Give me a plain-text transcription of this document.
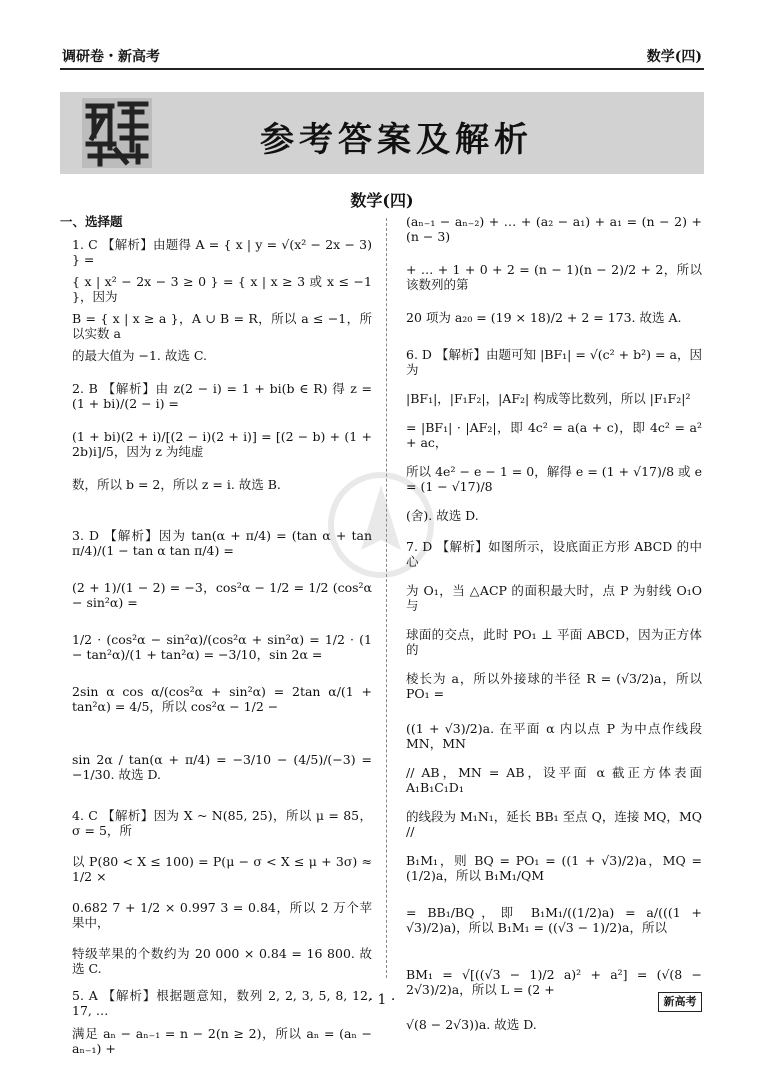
调研卷・新高考	数学(四)
参考答案及解析
数学(四)
一、选择题
1. C 【解析】由题得 A = { x | y = √(x² − 2x − 3) } =
{ x | x² − 2x − 3 ≥ 0 } = { x | x ≥ 3 或 x ≤ −1 }，因为
B = { x | x ≥ a }，A ∪ B = R，所以 a ≤ −1，所以实数 a
的最大值为 −1. 故选 C.
2. B 【解析】由 z(2 − i) = 1 + bi(b ∈ R) 得 z = (1 + bi)/(2 − i) =
(1 + bi)(2 + i)/[(2 − i)(2 + i)] = [(2 − b) + (1 + 2b)i]/5，因为 z 为纯虚
数，所以 b = 2，所以 z = i. 故选 B.
3. D 【解析】因为 tan(α + π/4) = (tan α + tan π/4)/(1 − tan α tan π/4) =
(2 + 1)/(1 − 2) = −3，cos²α − 1/2 = 1/2 (cos²α − sin²α) =
1/2 · (cos²α − sin²α)/(cos²α + sin²α) = 1/2 · (1 − tan²α)/(1 + tan²α) = −3/10，sin 2α =
2sin α cos α/(cos²α + sin²α) = 2tan α/(1 + tan²α) = 4/5，所以 cos²α − 1/2 −
sin 2α / tan(α + π/4) = −3/10 − (4/5)/(−3) = −1/30. 故选 D.
4. C 【解析】因为 X ~ N(85, 25)，所以 μ = 85，σ = 5，所
以 P(80 < X ≤ 100) = P(μ − σ < X ≤ μ + 3σ) ≈ 1/2 ×
0.682 7 + 1/2 × 0.997 3 = 0.84，所以 2 万个苹果中，
特级苹果的个数约为 20 000 × 0.84 = 16 800. 故选 C.
5. A 【解析】根据题意知，数列 2, 2, 3, 5, 8, 12, 17, …
满足 aₙ − aₙ₋₁ = n − 2(n ≥ 2)，所以 aₙ = (aₙ − aₙ₋₁) +
(aₙ₋₁ − aₙ₋₂) + … + (a₂ − a₁) + a₁ = (n − 2) + (n − 3)
+ … + 1 + 0 + 2 = (n − 1)(n − 2)/2 + 2，所以该数列的第
20 项为 a₂₀ = (19 × 18)/2 + 2 = 173. 故选 A.
6. D 【解析】由题可知 |BF₁| = √(c² + b²) = a，因为
|BF₁|，|F₁F₂|，|AF₂| 构成等比数列，所以 |F₁F₂|²
= |BF₁| · |AF₂|，即 4c² = a(a + c)，即 4c² = a² + ac，
所以 4e² − e − 1 = 0，解得 e = (1 + √17)/8 或 e = (1 − √17)/8
(舍). 故选 D.
7. D 【解析】如图所示，设底面正方形 ABCD 的中心
为 O₁，当 △ACP 的面积最大时，点 P 为射线 O₁O 与
球面的交点，此时 PO₁ ⊥ 平面 ABCD，因为正方体的
棱长为 a，所以外接球的半径 R = (√3/2)a，所以 PO₁ =
((1 + √3)/2)a. 在平面 α 内以点 P 为中点作线段 MN，MN
// AB，MN = AB，设平面 α 截正方体表面 A₁B₁C₁D₁
的线段为 M₁N₁，延长 BB₁ 至点 Q，连接 MQ，MQ //
B₁M₁，则 BQ = PO₁ = ((1 + √3)/2)a，MQ = (1/2)a，所以 B₁M₁/QM
= BB₁/BQ，即 B₁M₁/((1/2)a) = a/(((1 + √3)/2)a)，所以 B₁M₁ = ((√3 − 1)/2)a，所以
BM₁ = √[((√3 − 1)/2 a)² + a²] = (√(8 − 2√3)/2)a，所以 L = (2 +
√(8 − 2√3))a. 故选 D.
· 1 ·	新高考
